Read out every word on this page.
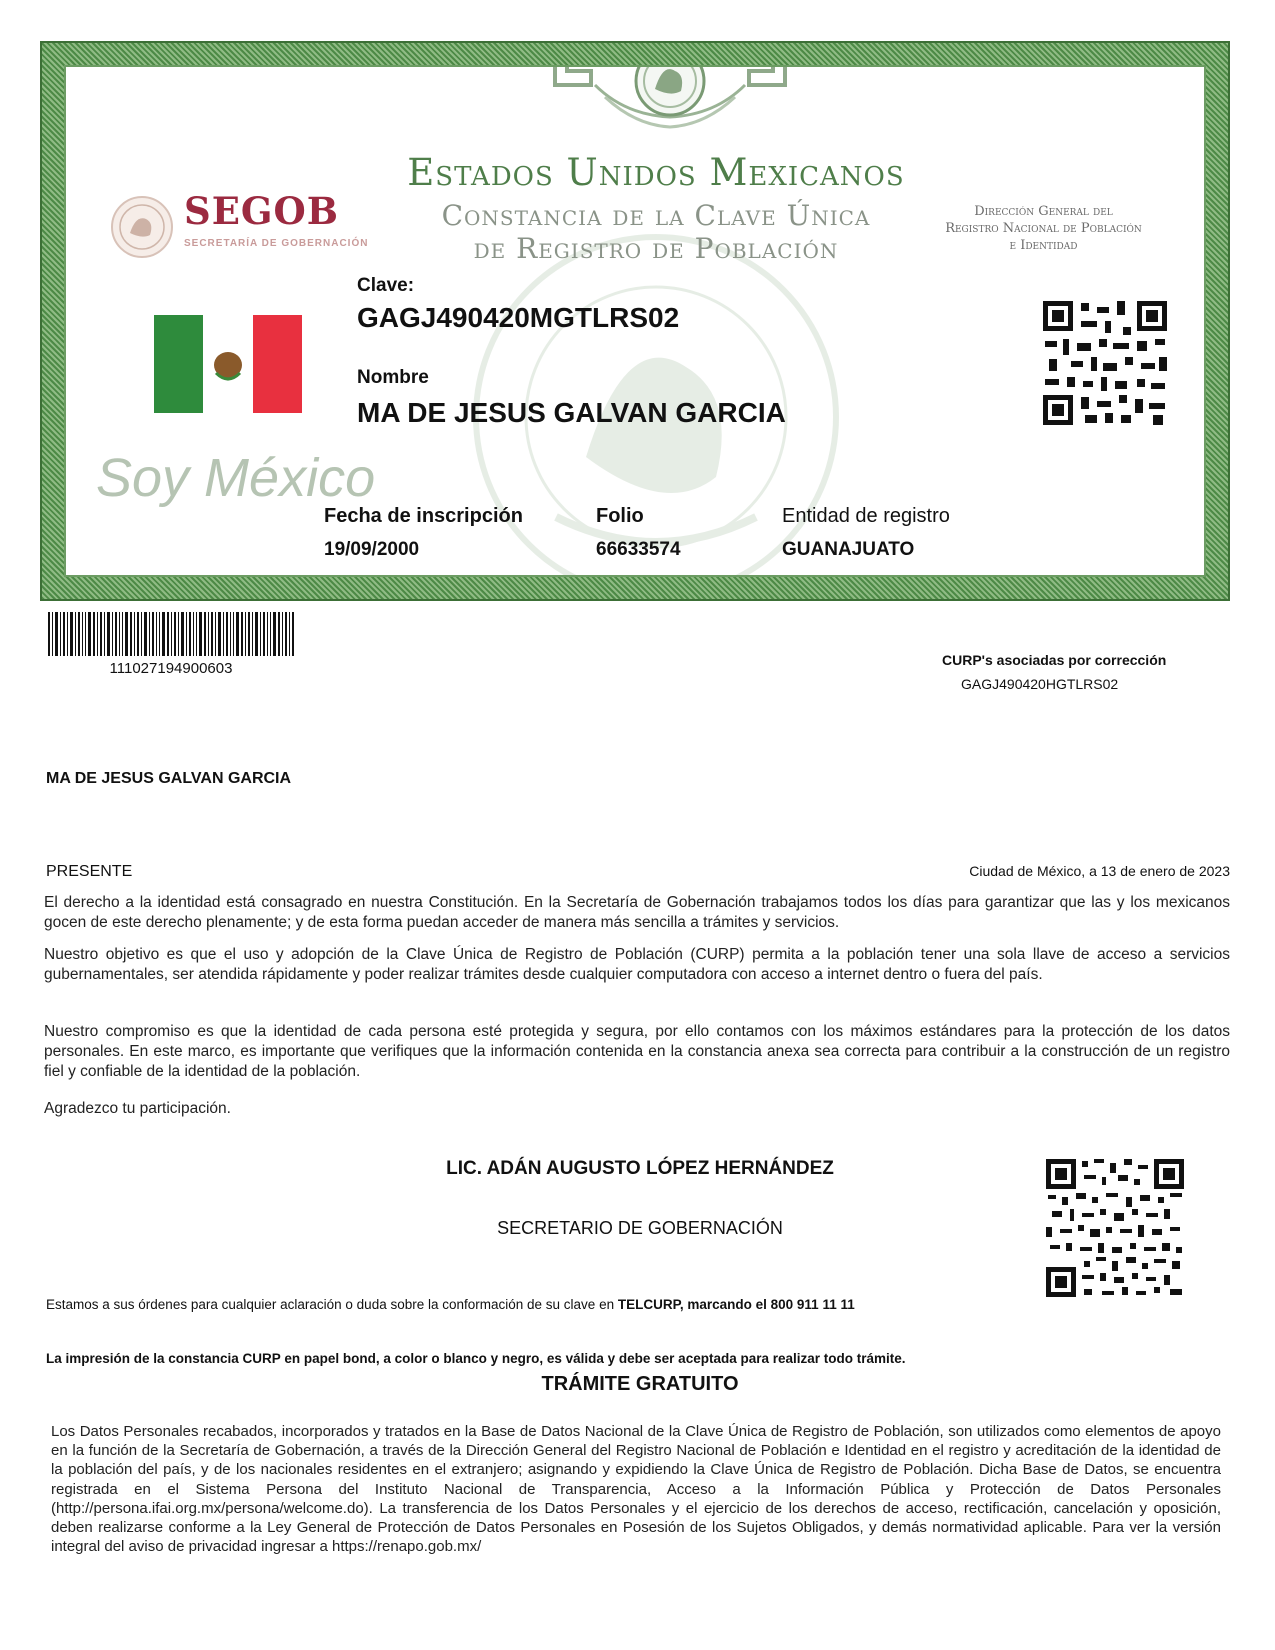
Estados Unidos Mexicanos
Constancia de la Clave Única
de Registro de Población
SEGOB
SECRETARÍA DE GOBERNACIÓN
Dirección General del
Registro Nacional de Población
e Identidad
Soy México
Clave:
GAGJ490420MGTLRS02
Nombre
MA DE JESUS GALVAN GARCIA
Fecha de inscripción
19/09/2000
Folio
66633574
Entidad de registro
GUANAJUATO
111027194900603	CURP's asociadas por corrección
GAGJ490420HGTLRS02
MA DE JESUS GALVAN GARCIA
PRESENTE	Ciudad de México, a 13 de enero de 2023
El derecho a la identidad está consagrado en nuestra Constitución. En la Secretaría de Gobernación trabajamos todos los días para garantizar que las y los mexicanos gocen de este derecho plenamente; y de esta forma puedan acceder de manera más sencilla a trámites y servicios.
Nuestro objetivo es que el uso y adopción de la Clave Única de Registro de Población (CURP) permita a la población tener una sola llave de acceso a servicios gubernamentales, ser atendida rápidamente y poder realizar trámites desde cualquier computadora con acceso a internet dentro o fuera del país.
Nuestro compromiso es que la identidad de cada persona esté protegida y segura, por ello contamos con los máximos estándares para la protección de los datos personales. En este marco, es importante que verifiques que la información contenida en la constancia anexa sea correcta para contribuir a la construcción de un registro fiel y confiable de la identidad de la población.
Agradezco tu participación.
LIC. ADÁN AUGUSTO LÓPEZ HERNÁNDEZ
SECRETARIO DE GOBERNACIÓN
Estamos a sus órdenes para cualquier aclaración o duda sobre la conformación de su clave en TELCURP, marcando el 800 911 11 11
La impresión de la constancia CURP en papel bond, a color o blanco y negro, es válida y debe ser aceptada para realizar todo trámite.
TRÁMITE GRATUITO
Los Datos Personales recabados, incorporados y tratados en la Base de Datos Nacional de la Clave Única de Registro de Población, son utilizados como elementos de apoyo en la función de la Secretaría de Gobernación, a través de la Dirección General del Registro Nacional de Población e Identidad en el registro y acreditación de la identidad de la población del país, y de los nacionales residentes en el extranjero; asignando y expidiendo la Clave Única de Registro de Población. Dicha Base de Datos, se encuentra registrada en el Sistema Persona del Instituto Nacional de Transparencia, Acceso a la Información Pública y Protección de Datos Personales (http://persona.ifai.org.mx/persona/welcome.do). La transferencia de los Datos Personales y el ejercicio de los derechos de acceso, rectificación, cancelación y oposición, deben realizarse conforme a la Ley General de Protección de Datos Personales en Posesión de los Sujetos Obligados, y demás normatividad aplicable. Para ver la versión integral del aviso de privacidad ingresar a https://renapo.gob.mx/
